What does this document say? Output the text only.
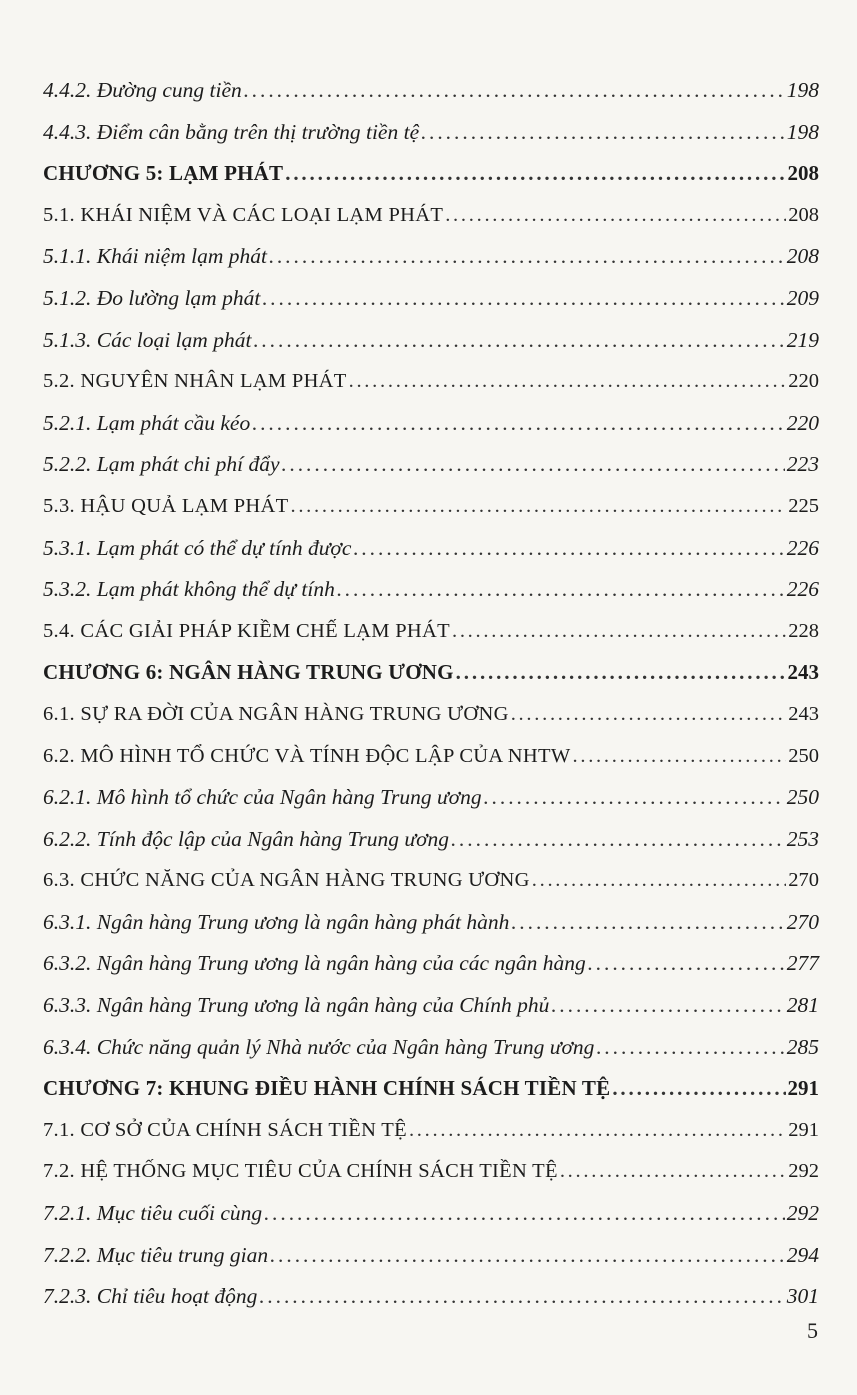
4.4.2. Đường cung tiền . . .	198
4.4.3. Điểm cân bằng trên thị trường tiền tệ . . .	198
CHƯƠNG 5: LẠM PHÁT . . .	208
5.1. KHÁI NIỆM VÀ CÁC LOẠI LẠM PHÁT . . .	208
5.1.1. Khái niệm lạm phát . . .	208
5.1.2. Đo lường lạm phát . . .	209
5.1.3. Các loại lạm phát . . .	219
5.2. NGUYÊN NHÂN LẠM PHÁT . . .	220
5.2.1. Lạm phát cầu kéo . . .	220
5.2.2. Lạm phát chi phí đẩy . . .	223
5.3. HẬU QUẢ LẠM PHÁT . . .	225
5.3.1. Lạm phát có thể dự tính được . . .	226
5.3.2. Lạm phát không thể dự tính . . .	226
5.4. CÁC GIẢI PHÁP KIỀM CHẾ LẠM PHÁT . . .	228
CHƯƠNG 6: NGÂN HÀNG TRUNG ƯƠNG . . .	243
6.1. SỰ RA ĐỜI CỦA NGÂN HÀNG TRUNG ƯƠNG . . .	243
6.2. MÔ HÌNH TỔ CHỨC VÀ TÍNH ĐỘC LẬP CỦA NHTW . . .	250
6.2.1. Mô hình tổ chức của Ngân hàng Trung ương . . .	250
6.2.2. Tính độc lập của Ngân hàng Trung ương . . .	253
6.3. CHỨC NĂNG CỦA NGÂN HÀNG TRUNG ƯƠNG . . .	270
6.3.1. Ngân hàng Trung ương là ngân hàng phát hành . . .	270
6.3.2. Ngân hàng Trung ương là ngân hàng của các ngân hàng . . .	277
6.3.3. Ngân hàng Trung ương là ngân hàng của Chính phủ . . .	281
6.3.4. Chức năng quản lý Nhà nước của Ngân hàng Trung ương . . .	285
CHƯƠNG 7: KHUNG ĐIỀU HÀNH CHÍNH SÁCH TIỀN TỆ . . .	291
7.1. CƠ SỞ CỦA CHÍNH SÁCH TIỀN TỆ . . .	291
7.2. HỆ THỐNG MỤC TIÊU CỦA CHÍNH SÁCH TIỀN TỆ . . .	292
7.2.1. Mục tiêu cuối cùng . . .	292
7.2.2. Mục tiêu trung gian . . .	294
7.2.3. Chỉ tiêu hoạt động . . .	301
5
